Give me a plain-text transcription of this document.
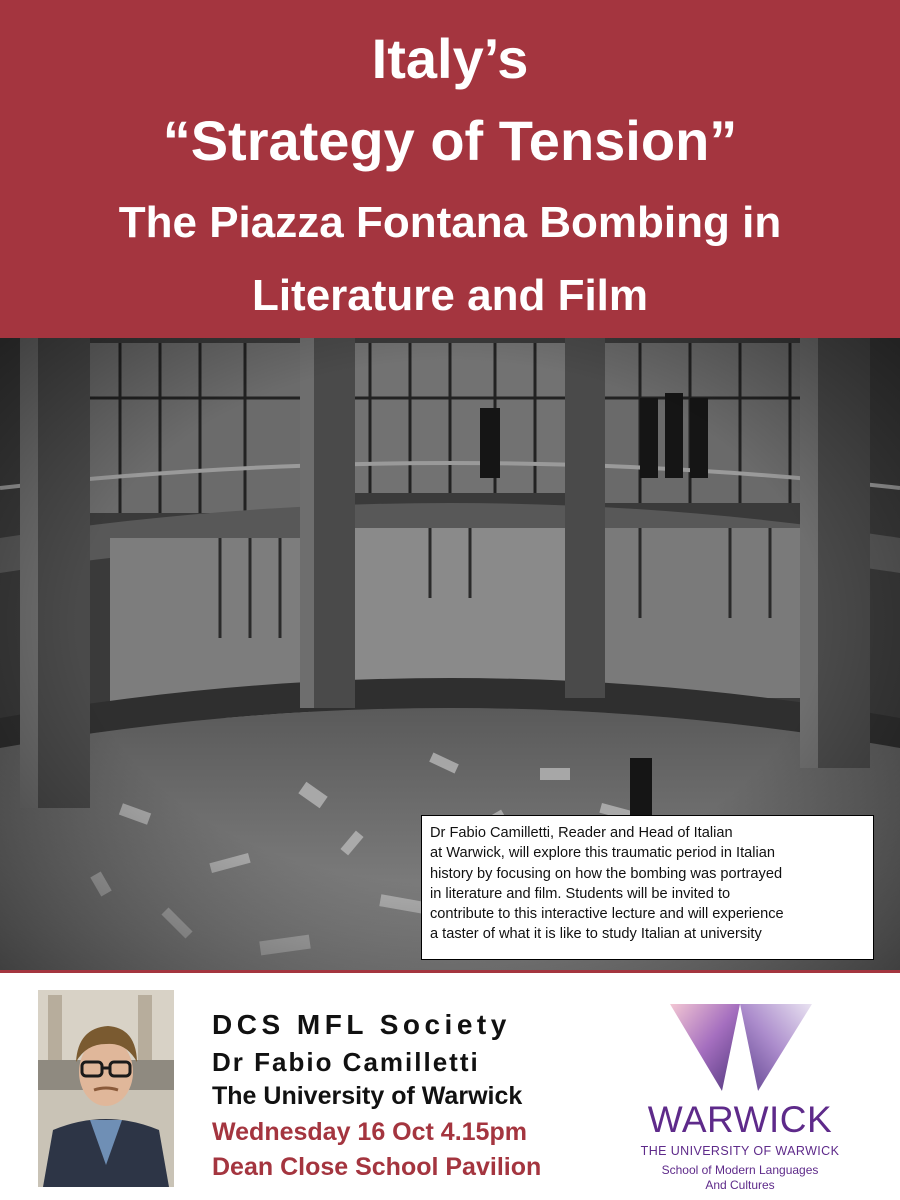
Italy’s
“Strategy of Tension”
The Piazza Fontana Bombing in
Literature and Film
Dr Fabio Camilletti, Reader and Head of Italian
at Warwick, will explore this traumatic period in Italian
history by focusing on how the bombing was portrayed
in literature and film. Students will be invited to
contribute to this interactive lecture and will experience
a taster of what it is like to study Italian at university
DCS MFL Society
Dr Fabio Camilletti
The University of Warwick
Wednesday 16 Oct 4.15pm
Dean Close School Pavilion
WARWICK
THE UNIVERSITY OF WARWICK
School of Modern Languages
And Cultures
